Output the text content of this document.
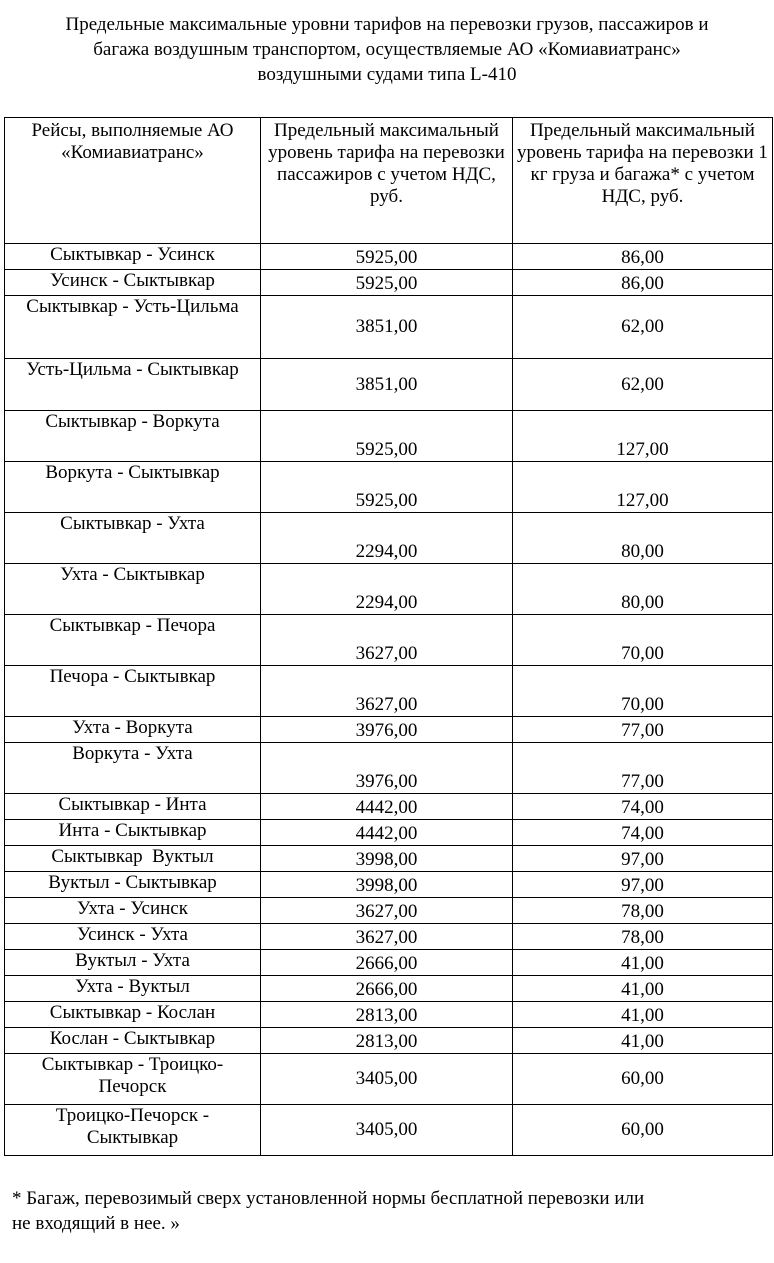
Предельные максимальные уровни тарифов на перевозки грузов, пассажиров и
багажа воздушным транспортом, осуществляемые АО «Комиавиатранс»
воздушными судами типа L-410
Рейсы, выполняемые АО «Комиавиатранс»	Предельный максимальный уровень тарифа на перевозки пассажиров с учетом НДС, руб.	Предельный максимальный уровень тарифа на перевозки 1 кг груза и багажа* с учетом НДС, руб.
Сыктывкар - Усинск	5925,00	86,00
Усинск - Сыктывкар	5925,00	86,00
Сыктывкар - Усть-Цильма	3851,00	62,00
Усть-Цильма - Сыктывкар	3851,00	62,00
Сыктывкар - Воркута	5925,00	127,00
Воркута - Сыктывкар	5925,00	127,00
Сыктывкар - Ухта	2294,00	80,00
Ухта - Сыктывкар	2294,00	80,00
Сыктывкар - Печора	3627,00	70,00
Печора - Сыктывкар	3627,00	70,00
Ухта - Воркута	3976,00	77,00
Воркута - Ухта	3976,00	77,00
Сыктывкар - Инта	4442,00	74,00
Инта - Сыктывкар	4442,00	74,00
Сыктывкар  Вуктыл	3998,00	97,00
Вуктыл - Сыктывкар	3998,00	97,00
Ухта - Усинск	3627,00	78,00
Усинск - Ухта	3627,00	78,00
Вуктыл - Ухта	2666,00	41,00
Ухта - Вуктыл	2666,00	41,00
Сыктывкар - Кослан	2813,00	41,00
Кослан - Сыктывкар	2813,00	41,00
Сыктывкар - Троицко-Печорск	3405,00	60,00
Троицко-Печорск - Сыктывкар	3405,00	60,00
* Багаж, перевозимый сверх установленной нормы бесплатной перевозки или
не входящий в нее. »
